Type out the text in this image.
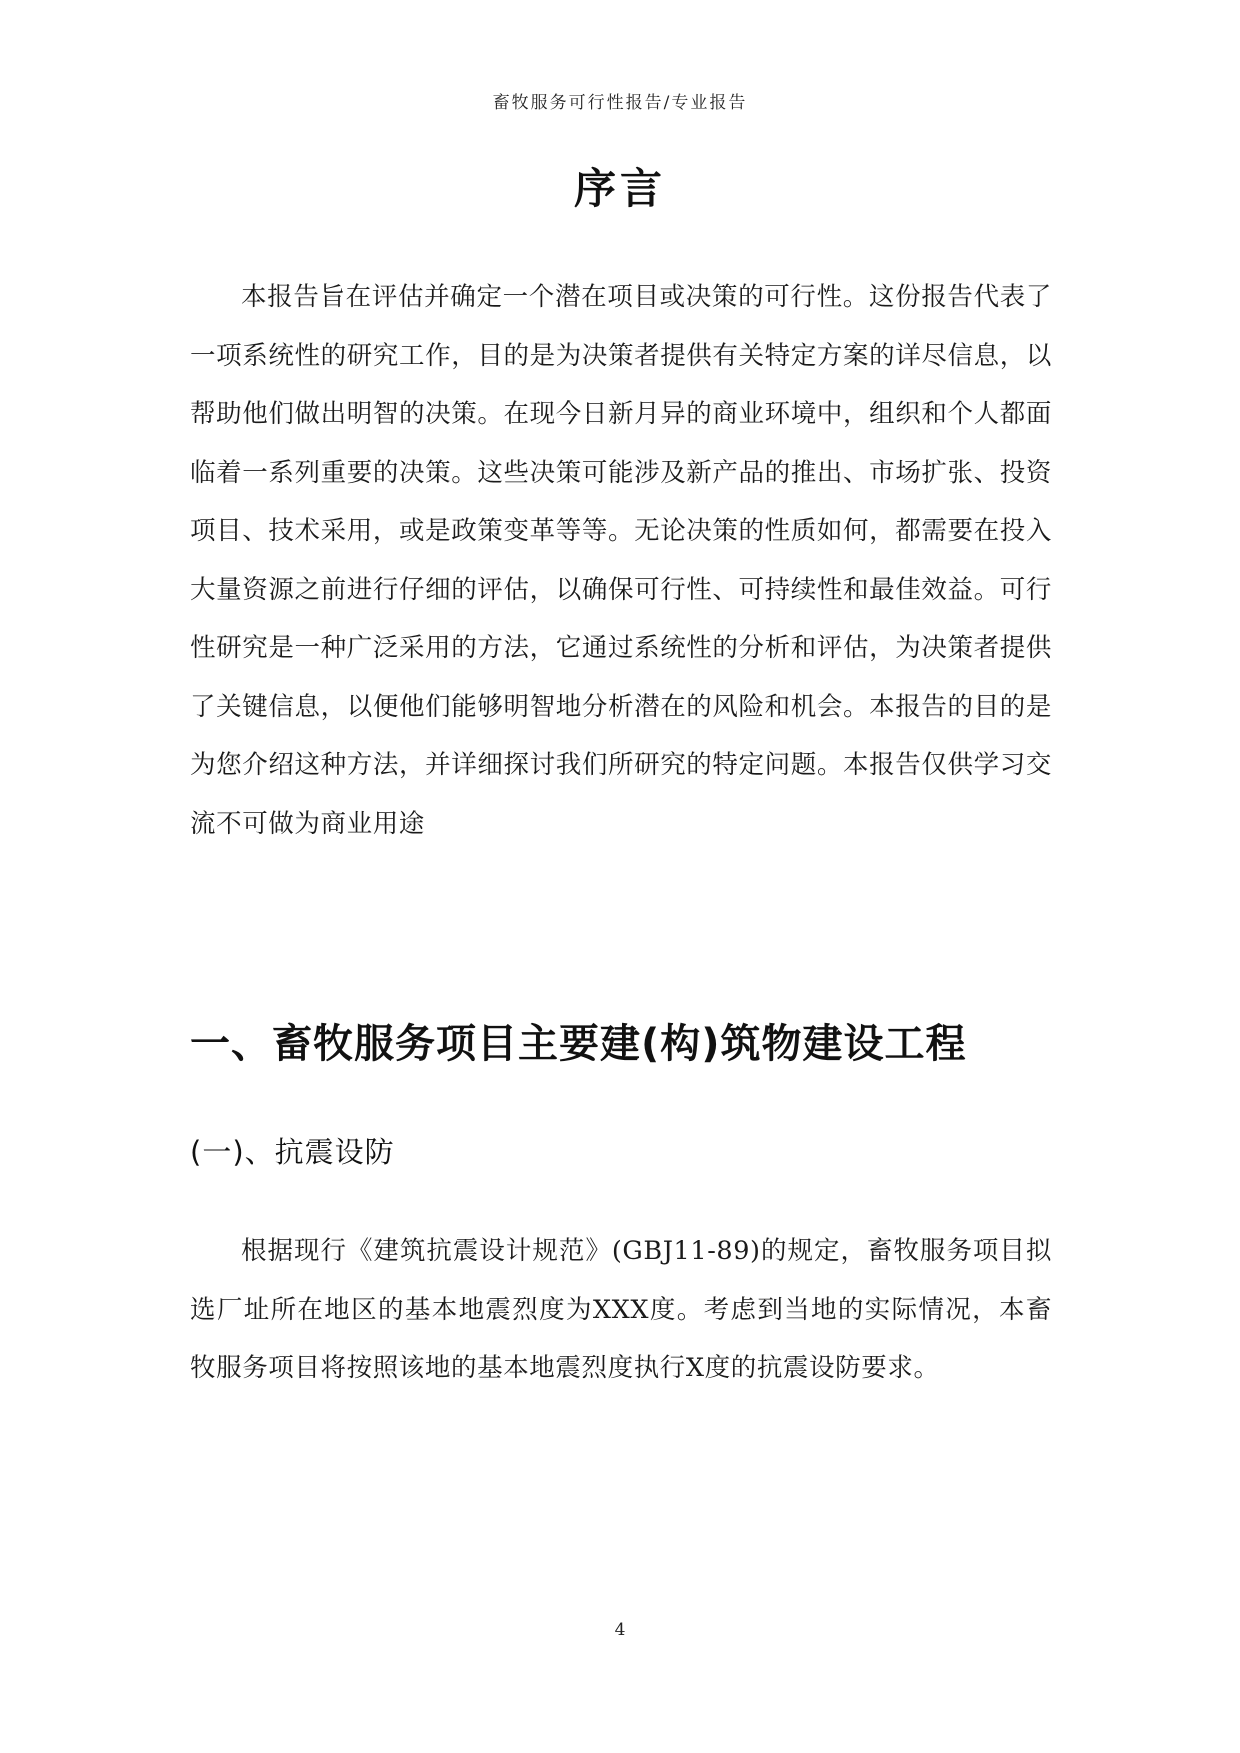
畜牧服务可行性报告/专业报告
序言

本报告旨在评估并确定一个潜在项目或决策的可行性。这份报告代表了一项系统性的研究工作，目的是为决策者提供有关特定方案的详尽信息，以帮助他们做出明智的决策。在现今日新月异的商业环境中，组织和个人都面临着一系列重要的决策。这些决策可能涉及新产品的推出、市场扩张、投资项目、技术采用，或是政策变革等等。无论决策的性质如何，都需要在投入大量资源之前进行仔细的评估，以确保可行性、可持续性和最佳效益。可行性研究是一种广泛采用的方法，它通过系统性的分析和评估，为决策者提供了关键信息，以便他们能够明智地分析潜在的风险和机会。本报告的目的是为您介绍这种方法，并详细探讨我们所研究的特定问题。本报告仅供学习交流不可做为商业用途

一、畜牧服务项目主要建(构)筑物建设工程
(一)、抗震设防

根据现行《建筑抗震设计规范》(GBJ11-89)的规定，畜牧服务项目拟选厂址所在地区的基本地震烈度为XXX度。考虑到当地的实际情况，本畜牧服务项目将按照该地的基本地震烈度执行X度的抗震设防要求。

4
